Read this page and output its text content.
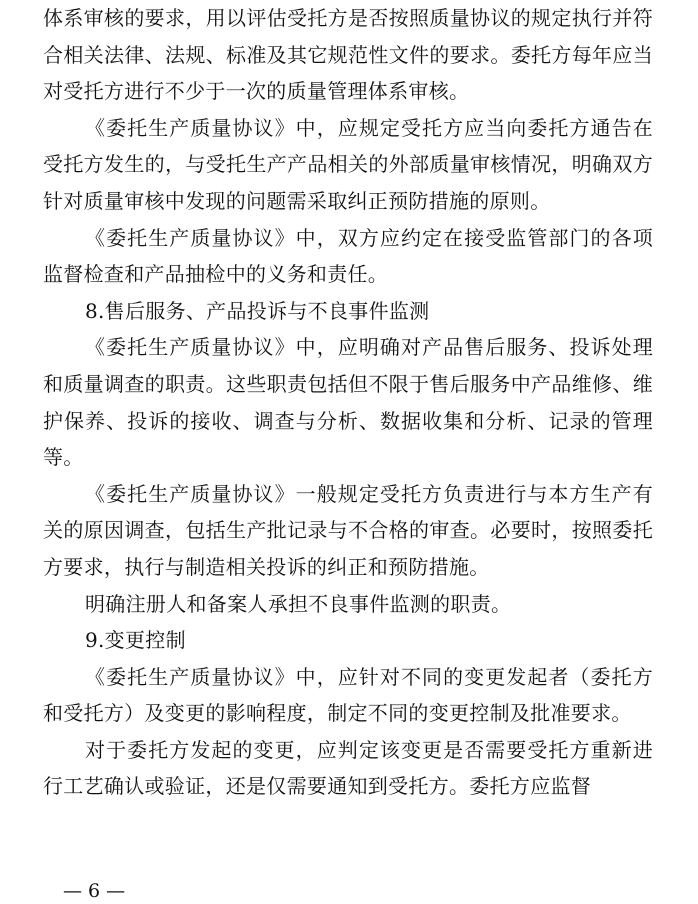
体系审核的要求，用以评估受托方是否按照质量协议的规定执行并符合相关法律、法规、标准及其它规范性文件的要求。委托方每年应当对受托方进行不少于一次的质量管理体系审核。

《委托生产质量协议》中，应规定受托方应当向委托方通告在受托方发生的，与受托生产产品相关的外部质量审核情况，明确双方针对质量审核中发现的问题需采取纠正预防措施的原则。

《委托生产质量协议》中，双方应约定在接受监管部门的各项监督检查和产品抽检中的义务和责任。

8.售后服务、产品投诉与不良事件监测

《委托生产质量协议》中，应明确对产品售后服务、投诉处理和质量调查的职责。这些职责包括但不限于售后服务中产品维修、维护保养、投诉的接收、调查与分析、数据收集和分析、记录的管理等。

《委托生产质量协议》一般规定受托方负责进行与本方生产有关的原因调查，包括生产批记录与不合格的审查。必要时，按照委托方要求，执行与制造相关投诉的纠正和预防措施。

明确注册人和备案人承担不良事件监测的职责。

9.变更控制

《委托生产质量协议》中，应针对不同的变更发起者（委托方和受托方）及变更的影响程度，制定不同的变更控制及批准要求。

对于委托方发起的变更，应判定该变更是否需要受托方重新进行工艺确认或验证，还是仅需要通知到受托方。委托方应监督

— 6 —
